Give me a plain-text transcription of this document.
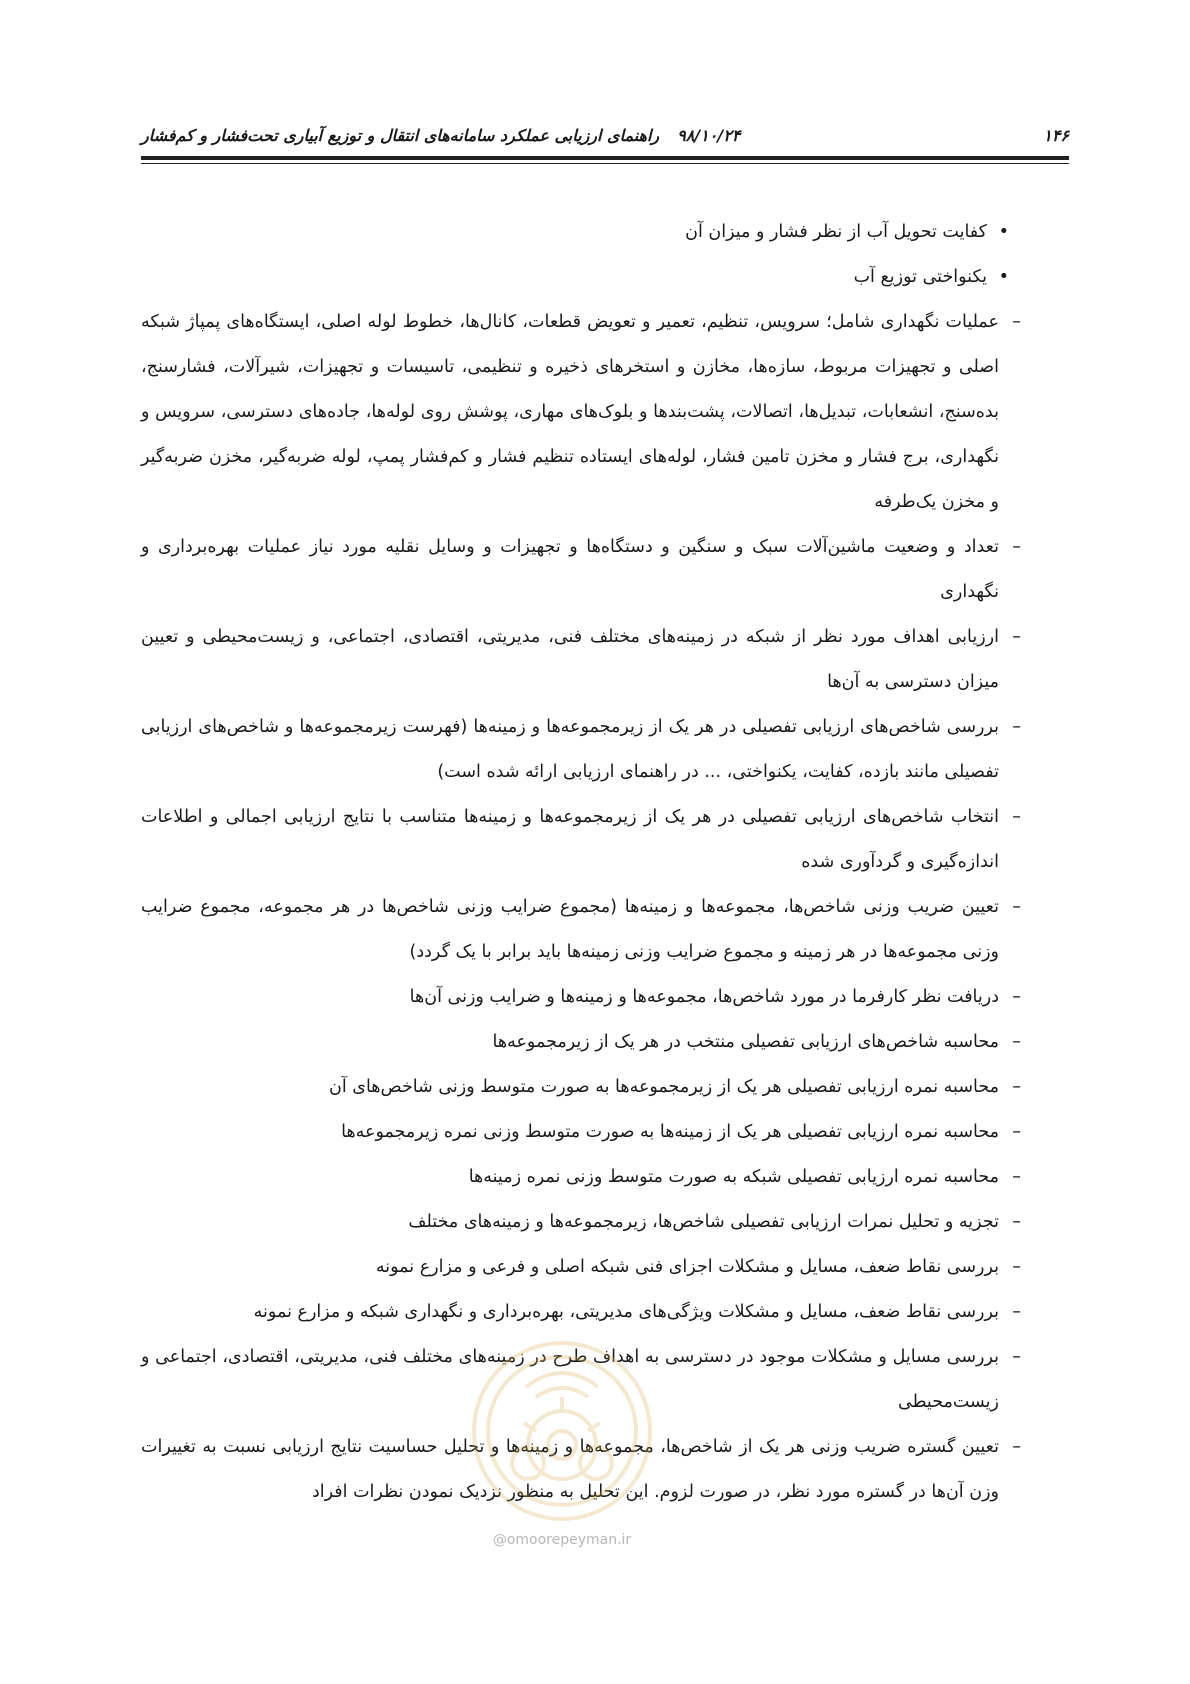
۱۴۶
۹۸/۱۰/۲۴راهنمای ارزیابی عملکرد سامانه‌های انتقال و توزیع آبیاری تحت‌فشار و کم‌فشار
•
کفایت تحویل آب از نظر فشار و میزان آن
•
یکنواختی توزیع آب
–
عملیات نگهداری شامل؛ سرویس، تنظیم، تعمیر و تعویض قطعات، کانال‌ها، خطوط لوله اصلی، ایستگاه‌های پمپاژ شبکه اصلی و تجهیزات مربوط، سازه‌ها، مخازن و استخرهای ذخیره و تنظیمی، تاسیسات و تجهیزات، شیرآلات، فشارسنج، بده‌سنج، انشعابات، تبدیل‌ها، اتصالات، پشت‌بندها و بلوک‌های مهاری، پوشش روی لوله‌ها، جاده‌های دسترسی، سرویس و نگهداری، برج فشار و مخزن تامین فشار، لوله‌های ایستاده تنظیم فشار و کم‌فشار پمپ، لوله ضربه‌گیر، مخزن ضربه‌گیر و مخزن یک‌طرفه
–
تعداد و وضعیت ماشین‌آلات سبک و سنگین و دستگاه‌ها و تجهیزات و وسایل نقلیه مورد نیاز عملیات بهره‌برداری و نگهداری
–
ارزیابی اهداف مورد نظر از شبکه در زمینه‌های مختلف فنی، مدیریتی، اقتصادی، اجتماعی، و زیست‌محیطی و تعیین میزان دسترسی به آن‌ها
–
بررسی شاخص‌های ارزیابی تفصیلی در هر یک از زیرمجموعه‌ها و زمینه‌ها (فهرست زیرمجموعه‌ها و شاخص‌های ارزیابی تفصیلی مانند بازده، کفایت، یکنواختی، ... در راهنمای ارزیابی ارائه شده است)
–
انتخاب شاخص‌های ارزیابی تفصیلی در هر یک از زیرمجموعه‌ها و زمینه‌ها متناسب با نتایج ارزیابی اجمالی و اطلاعات اندازه‌گیری و گردآوری شده
–
تعیین ضریب وزنی شاخص‌ها، مجموعه‌ها و زمینه‌ها (مجموع ضرایب وزنی شاخص‌ها در هر مجموعه، مجموع ضرایب وزنی مجموعه‌ها در هر زمینه و مجموع ضرایب وزنی زمینه‌ها باید برابر با یک گردد)
–
دریافت نظر کارفرما در مورد شاخص‌ها، مجموعه‌ها و زمینه‌ها و ضرایب وزنی آن‌ها
–
محاسبه شاخص‌های ارزیابی تفصیلی منتخب در هر یک از زیرمجموعه‌ها
–
محاسبه نمره ارزیابی تفصیلی هر یک از زیرمجموعه‌ها به صورت متوسط وزنی شاخص‌های آن
–
محاسبه نمره ارزیابی تفصیلی هر یک از زمینه‌ها به صورت متوسط وزنی نمره زیرمجموعه‌ها
–
محاسبه نمره ارزیابی تفصیلی شبکه به صورت متوسط وزنی نمره زمینه‌ها
–
تجزیه و تحلیل نمرات ارزیابی تفصیلی شاخص‌ها، زیرمجموعه‌ها و زمینه‌های مختلف
–
بررسی نقاط ضعف، مسایل و مشکلات اجزای فنی شبکه اصلی و فرعی و مزارع نمونه
–
بررسی نقاط ضعف، مسایل و مشکلات ویژگی‌های مدیریتی، بهره‌برداری و نگهداری شبکه و مزارع نمونه
–
بررسی مسایل و مشکلات موجود در دسترسی به اهداف طرح در زمینه‌های مختلف فنی، مدیریتی، اقتصادی، اجتماعی و زیست‌محیطی
–
تعیین گستره ضریب وزنی هر یک از شاخص‌ها، مجموعه‌ها و زمینه‌ها و تحلیل حساسیت نتایج ارزیابی نسبت به تغییرات وزن آن‌ها در گستره مورد نظر، در صورت لزوم. این تحلیل به منظور نزدیک نمودن نظرات افراد
@omoorepeyman.ir
